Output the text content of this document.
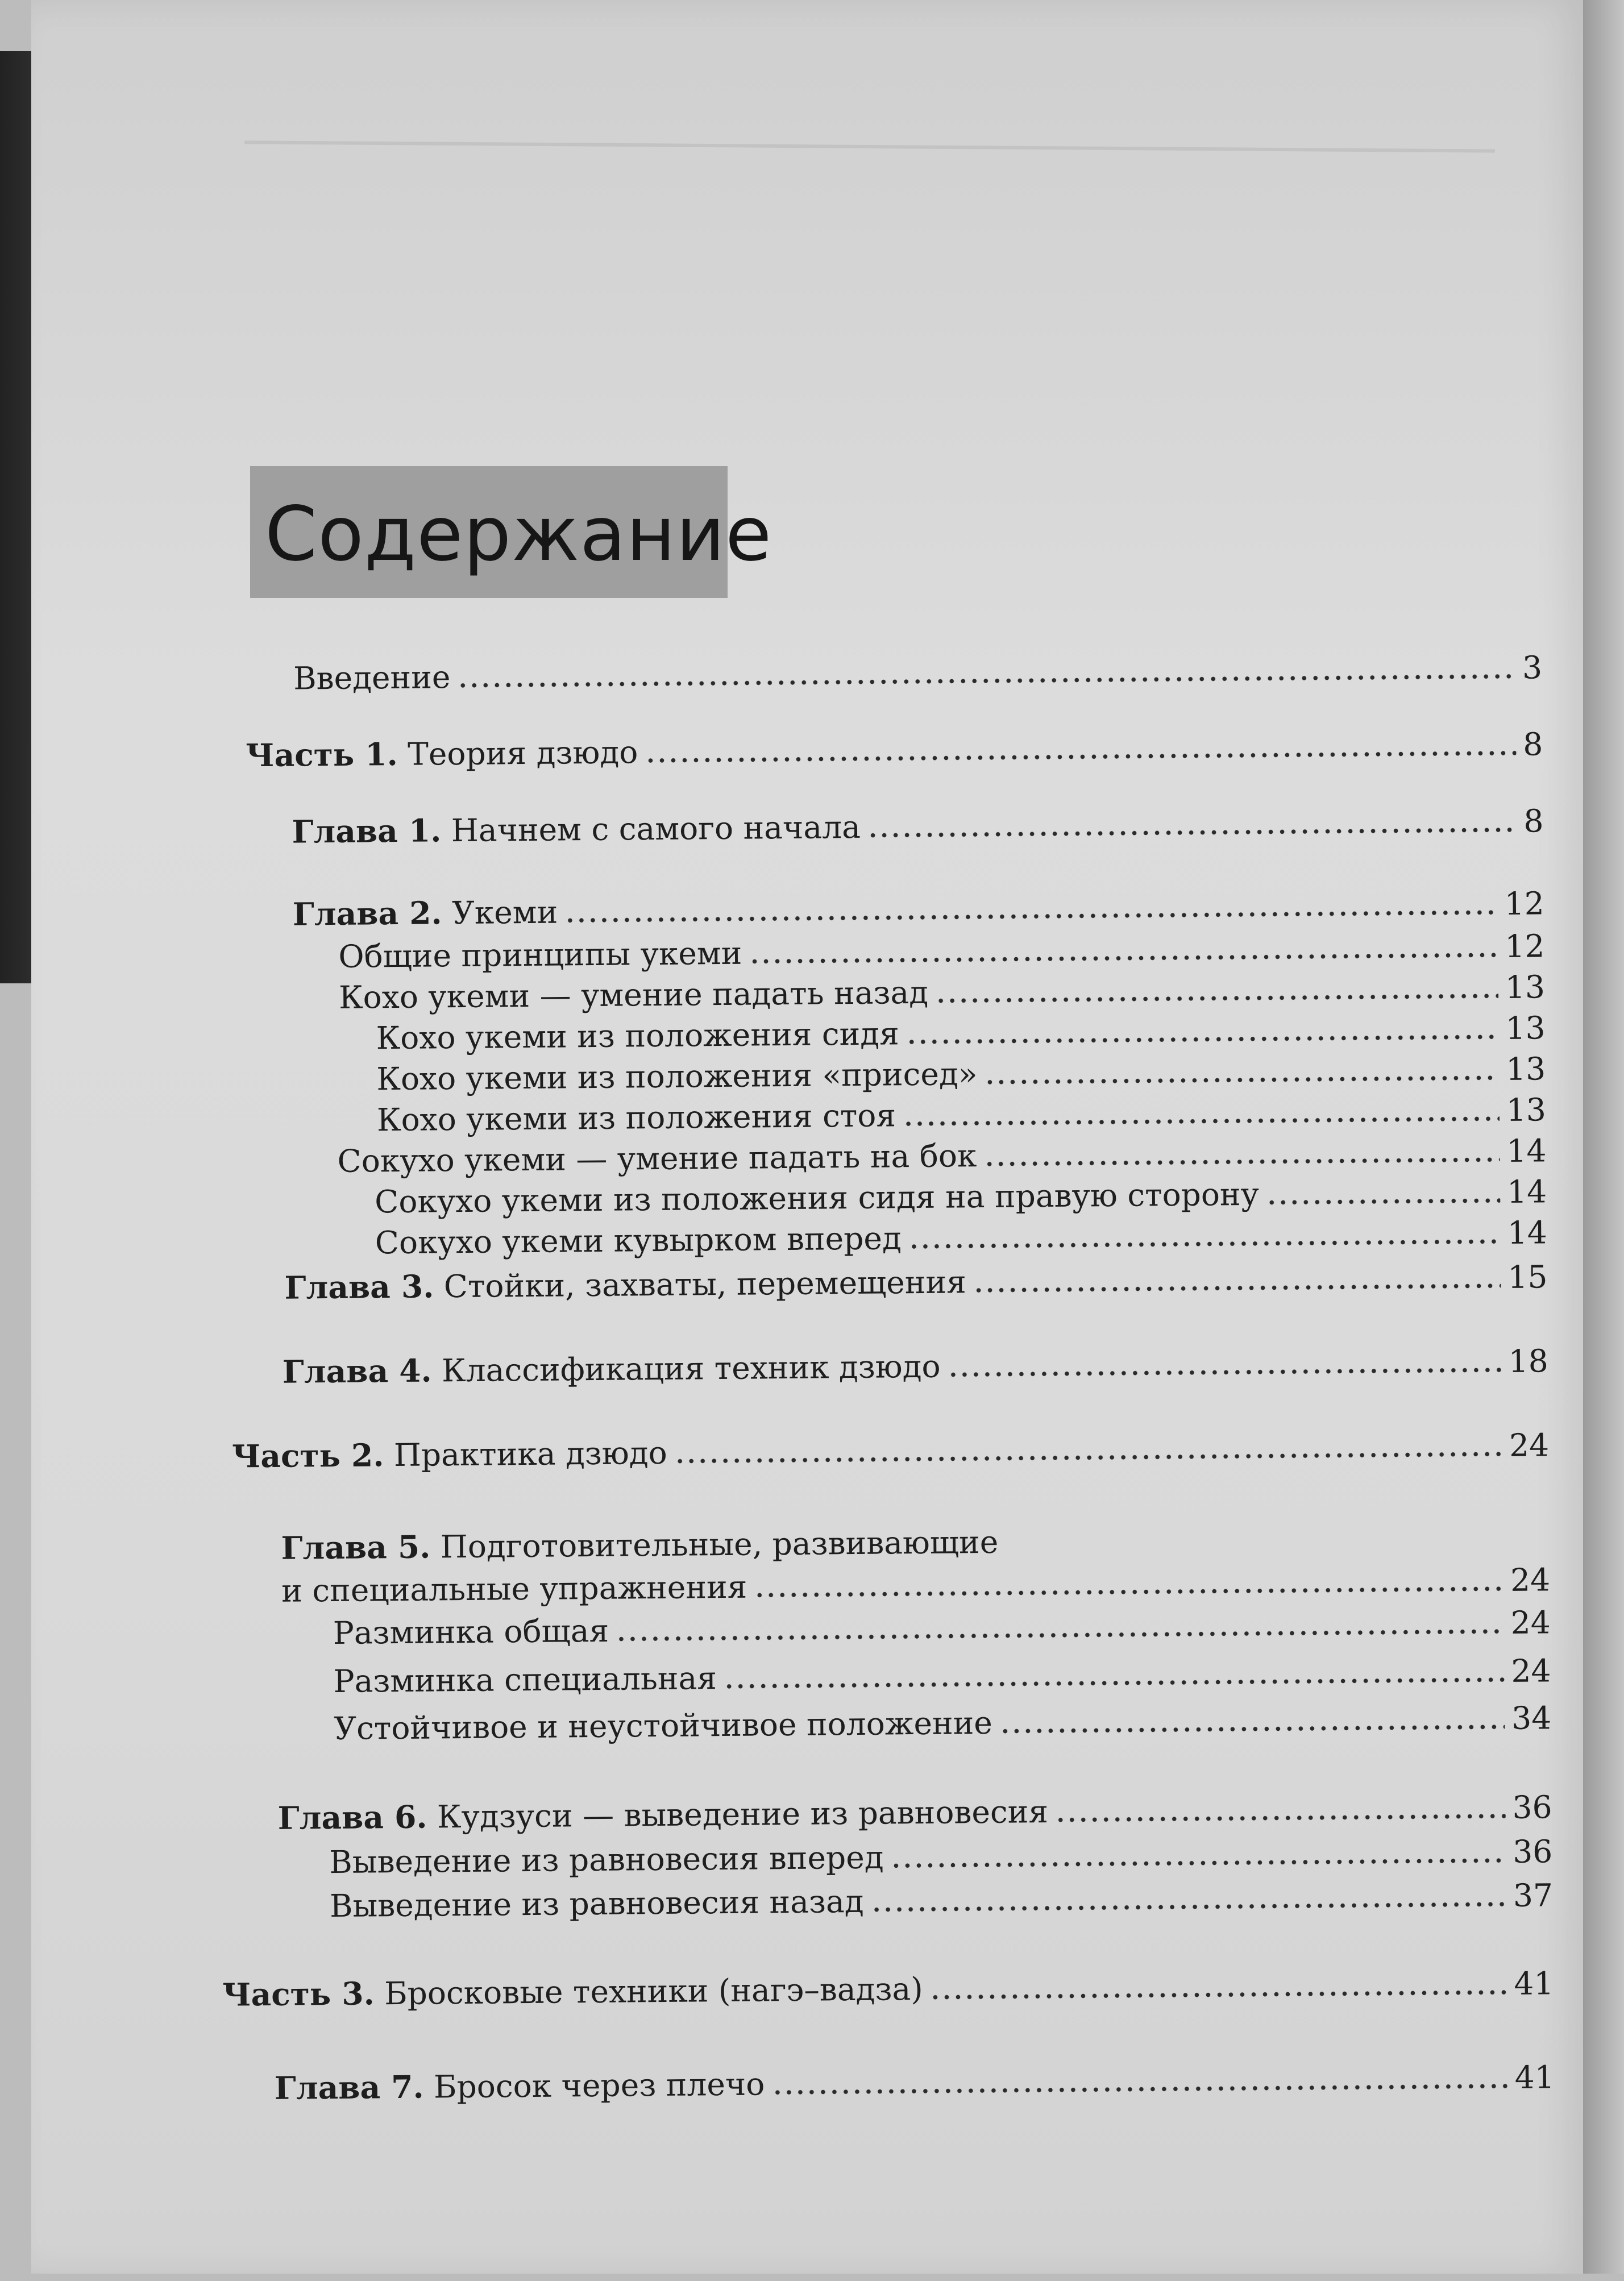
Содержание
Введение	3
Часть 1. Теория дзюдо	8
Глава 1. Начнем с самого начала	8
Глава 2. Укеми	12
Общие принципы укеми	12
Кохо укеми — умение падать назад	13
Кохо укеми из положения сидя	13
Кохо укеми из положения «присед»	13
Кохо укеми из положения стоя	13
Сокухо укеми — умение падать на бок	14
Сокухо укеми из положения сидя на правую сторону	14
Сокухо укеми кувырком вперед	14
Глава 3. Стойки, захваты, перемещения	15
Глава 4. Классификация техник дзюдо	18
Часть 2. Практика дзюдо	24
Глава 5. Подготовительные, развивающие
и специальные упражнения	24
Разминка общая	24
Разминка специальная	24
Устойчивое и неустойчивое положение	34
Глава 6. Кудзуси — выведение из равновесия	36
Выведение из равновесия вперед	36
Выведение из равновесия назад	37
Часть 3. Бросковые техники (нагэ–вадза)	41
Глава 7. Бросок через плечо	41
